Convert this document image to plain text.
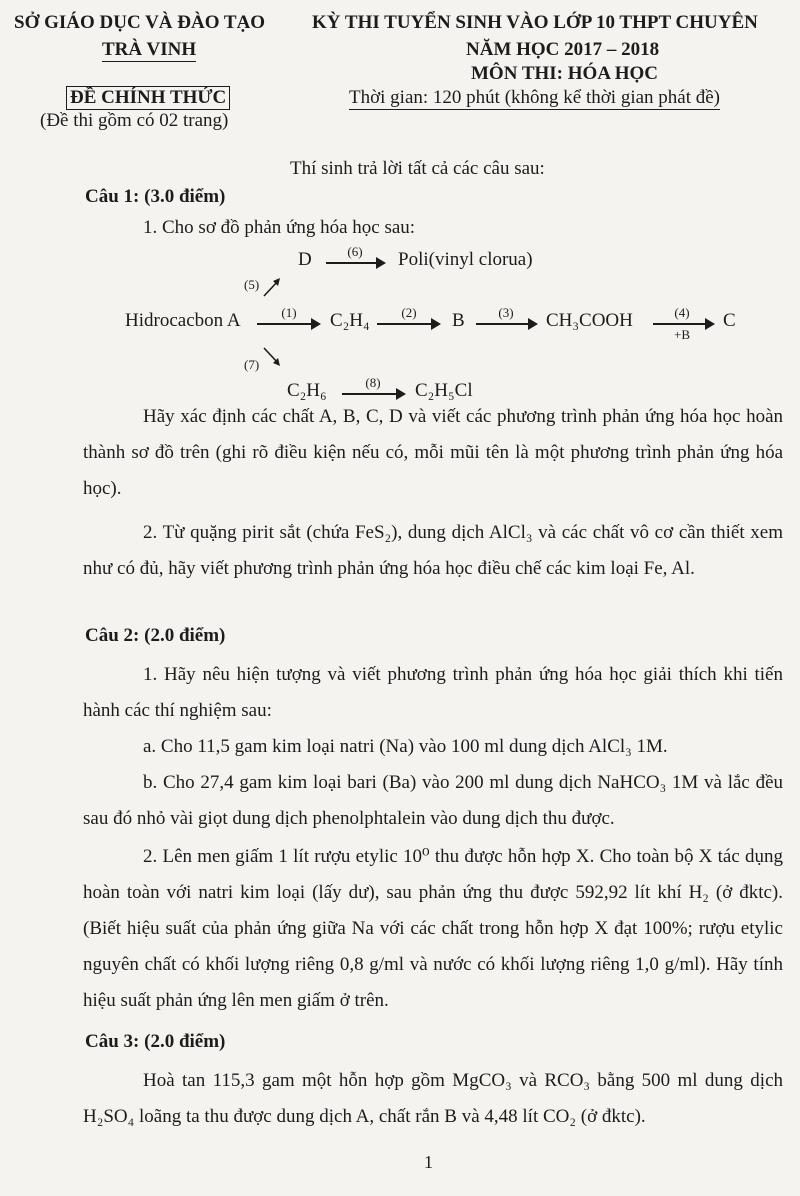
SỞ GIÁO DỤC VÀ ĐÀO TẠO
TRÀ VINH
ĐỀ CHÍNH THỨC
(Đề thi gồm có 02 trang)
KỲ THI TUYỂN SINH VÀO LỚP 10 THPT CHUYÊN
NĂM HỌC 2017 – 2018
MÔN THI: HÓA HỌC
Thời gian: 120 phút (không kể thời gian phát đề)
Thí sinh trả lời tất cả các câu sau:
Câu 1: (3.0 điểm)
1. Cho sơ đồ phản ứng hóa học sau:
D	(6)	Poli(vinyl clorua)
(5)
Hidrocacbon A	(1)	C₂H₄	(2)	B	(3)	CH₃COOH	(4)
+B
C
(7)
C₂H₆	(8)	C₂H₅Cl
Hãy xác định các chất A, B, C, D và viết các phương trình phản ứng hóa học hoàn thành sơ đồ trên (ghi rõ điều kiện nếu có, mỗi mũi tên là một phương trình phản ứng hóa học).
2. Từ quặng pirit sắt (chứa FeS₂), dung dịch AlCl₃ và các chất vô cơ cần thiết xem như có đủ, hãy viết phương trình phản ứng hóa học điều chế các kim loại Fe, Al.
Câu 2: (2.0 điểm)
1. Hãy nêu hiện tượng và viết phương trình phản ứng hóa học giải thích khi tiến hành các thí nghiệm sau:
a. Cho 11,5 gam kim loại natri (Na) vào 100 ml dung dịch AlCl₃ 1M.
b. Cho 27,4 gam kim loại bari (Ba) vào 200 ml dung dịch NaHCO₃ 1M và lắc đều sau đó nhỏ vài giọt dung dịch phenolphtalein vào dung dịch thu được.
2. Lên men giấm 1 lít rượu etylic 10⁰ thu được hỗn hợp X. Cho toàn bộ X tác dụng hoàn toàn với natri kim loại (lấy dư), sau phản ứng thu được 592,92 lít khí H₂ (ở đktc). (Biết hiệu suất của phản ứng giữa Na với các chất trong hỗn hợp X đạt 100%; rượu etylic nguyên chất có khối lượng riêng 0,8 g/ml và nước có khối lượng riêng 1,0 g/ml). Hãy tính hiệu suất phản ứng lên men giấm ở trên.
Câu 3: (2.0 điểm)
Hoà tan 115,3 gam một hỗn hợp gồm MgCO₃ và RCO₃ bằng 500 ml dung dịch H₂SO₄ loãng ta thu được dung dịch A, chất rắn B và 4,48 lít CO₂ (ở đktc).
1
